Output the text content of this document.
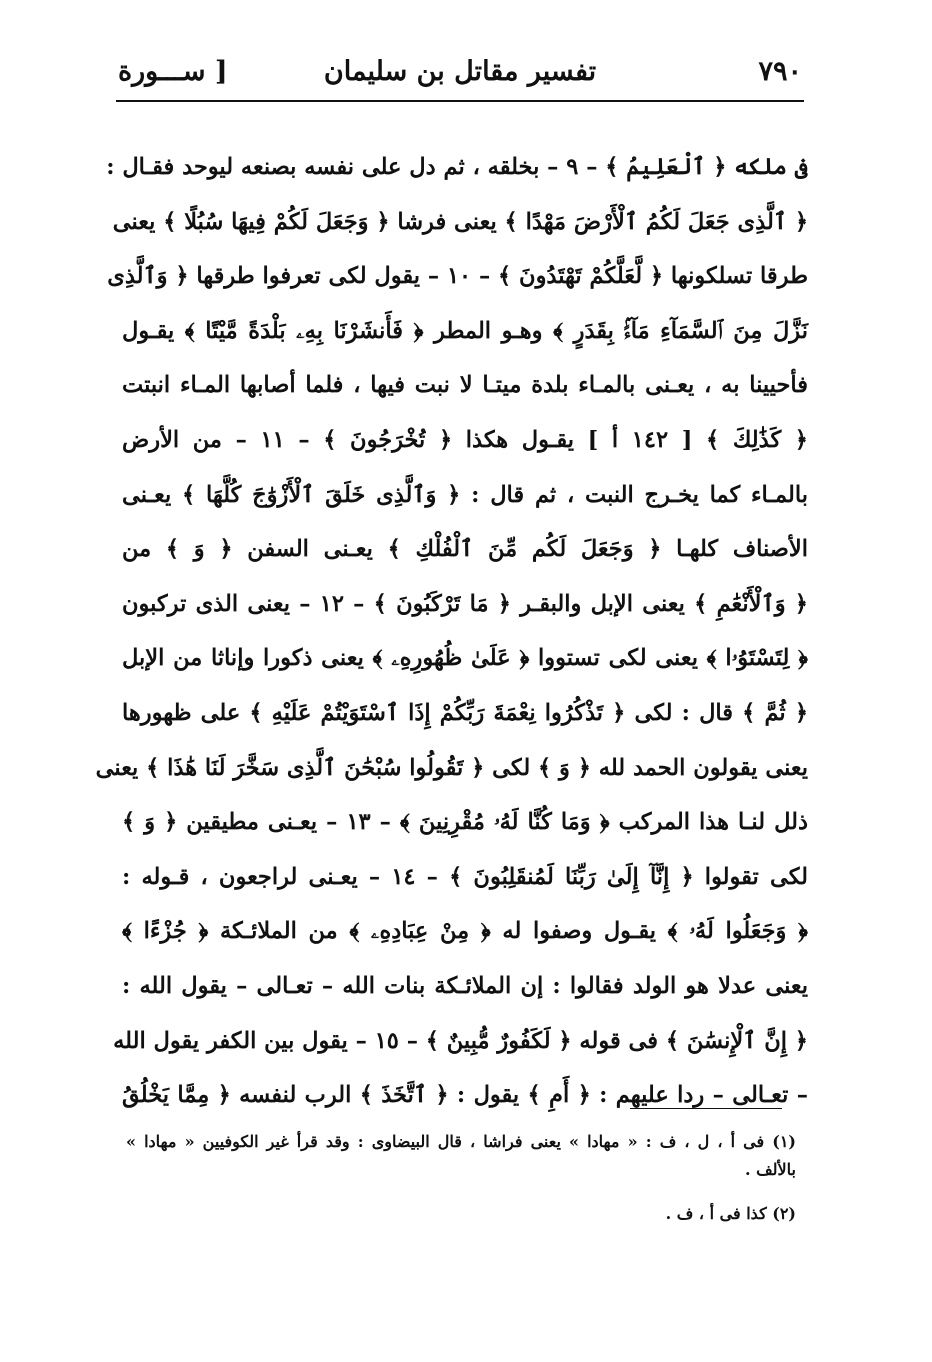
٧٩٠
تفسير مقاتل بن سليمان
[ ســـورة
فى ملكه ﴿ ٱلْعَلِيمُ ﴾ – ٩ – بخلقه ، ثم دل على نفسه بصنعه ليوحد فقـال :
﴿ ٱلَّذِى جَعَلَ لَكُمُ ٱلْأَرْضَ مَهْدًا ﴾ يعنى فرشا ﴿ وَجَعَلَ لَكُمْ فِيهَا سُبُلًا ﴾ يعنى
طرقا تسلكونها ﴿ لَّعَلَّكُمْ تَهْتَدُونَ ﴾ – ١٠ – يقول لكى تعرفوا طرقها ﴿ وَٱلَّذِى
نَزَّلَ مِنَ ٱلسَّمَآءِ مَآءًۢ بِقَدَرٍ ﴾ وهـو المطر ﴿ فَأَنشَرْنَا بِهِۦ بَلْدَةً مَّيْتًا ﴾ يقـول
فأحيينا به ، يعـنى بالمـاء بلدة ميتـا لا نبت فيها ، فلما أصابها المـاء انبتت
﴿ كَذَٰلِكَ ﴾ [ ١٤٢ أ ] يقـول هكذا ﴿ تُخْرَجُونَ ﴾ – ١١ – من الأرض
بالمـاء كما يخـرج النبت ، ثم قال : ﴿ وَٱلَّذِى خَلَقَ ٱلْأَزْوَٰجَ كُلَّهَا ﴾ يعـنى
الأصناف كلهـا ﴿ وَجَعَلَ لَكُم مِّنَ ٱلْفُلْكِ ﴾ يعـنى السفن ﴿ وَ ﴾ من
﴿ وَٱلْأَنْعَٰمِ ﴾ يعنى الإبل والبقـر ﴿ مَا تَرْكَبُونَ ﴾ – ١٢ – يعنى الذى تركبون
﴿ لِتَسْتَوُۥا ﴾ يعنى لكى تستووا ﴿ عَلَىٰ ظُهُورِهِۦ ﴾ يعنى ذكورا وإناثا من الإبل
﴿ ثُمَّ ﴾ قال : لكى ﴿ تَذْكُرُوا نِعْمَةَ رَبِّكُمْ إِذَا ٱسْتَوَيْتُمْ عَلَيْهِ ﴾ على ظهورها
يعنى يقولون الحمد لله ﴿ وَ ﴾ لكى ﴿ تَقُولُوا سُبْحَٰنَ ٱلَّذِى سَخَّرَ لَنَا هَٰذَا ﴾ يعنى
ذلل لنـا هذا المركب ﴿ وَمَا كُنَّا لَهُۥ مُقْرِنِينَ ﴾ – ١٣ – يعـنى مطيقين ﴿ وَ ﴾
لكى تقولوا ﴿ إِنَّآ إِلَىٰ رَبِّنَا لَمُنقَلِبُونَ ﴾ – ١٤ – يعـنى لراجعون ، قـوله :
﴿ وَجَعَلُوا لَهُۥ ﴾ يقـول وصفوا له ﴿ مِنْ عِبَادِهِۦ ﴾ من الملائـكة ﴿ جُزْءًا ﴾
يعنى عدلا هو الولد فقالوا : إن الملائـكة بنات الله – تعـالى – يقول الله :
﴿ إِنَّ ٱلْإِنسَٰنَ ﴾ فى قوله ﴿ لَكَفُورٌ مُّبِينٌ ﴾ – ١٥ – يقول بين الكفر يقول الله
– تعـالى – ردا عليهم : ﴿ أَمِ ﴾ يقول : ﴿ ٱتَّخَذَ ﴾ الرب لنفسه ﴿ مِمَّا يَخْلُقُ
(١) فى أ ، ل ، ف : « مهادا » يعنى فراشا ، قال البيضاوى : وقد قرأ غير الكوفيين « مهادا »
بالألف .
(٢) كذا فى أ ، ف .
